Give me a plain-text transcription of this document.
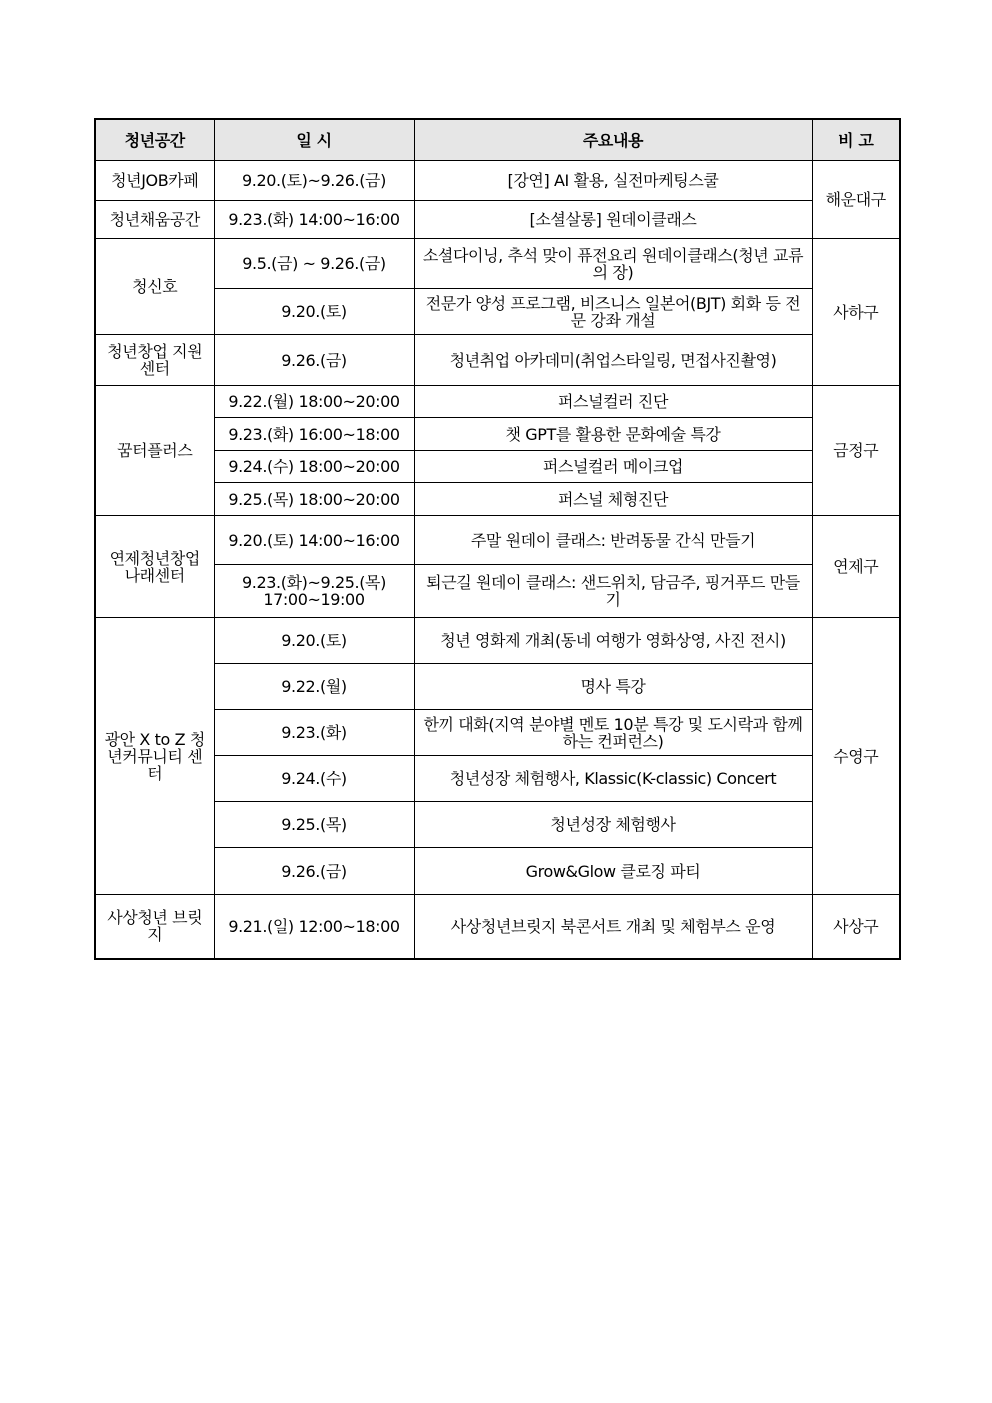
청년공간	일 시	주요내용	비 고
청년JOB카페	9.20.(토)~9.26.(금)	[강연] AI 활용, 실전마케팅스쿨	해운대구
청년채움공간	9.23.(화) 14:00~16:00	[소셜살롱] 원데이클래스	
청신호	9.5.(금) ~ 9.26.(금)	소셜다이닝, 추석 맞이 퓨전요리 원데이클래스(청년 교류의 장)	사하구
	9.20.(토)	전문가 양성 프로그램, 비즈니스 일본어(BJT) 회화 등 전문 강좌 개설	
청년창업 지원센터	9.26.(금)	청년취업 아카데미(취업스타일링, 면접사진촬영)	
꿈터플러스	9.22.(월) 18:00~20:00	퍼스널컬러 진단	금정구
	9.23.(화) 16:00~18:00	챗 GPT를 활용한 문화예술 특강	
	9.24.(수) 18:00~20:00	퍼스널컬러 메이크업	
	9.25.(목) 18:00~20:00	퍼스널 체형진단	
연제청년창업 나래센터	9.20.(토) 14:00~16:00	주말 원데이 클래스: 반려동물 간식 만들기	연제구
	9.23.(화)~9.25.(목) 17:00~19:00	퇴근길 원데이 클래스: 샌드위치, 담금주, 핑거푸드 만들기	
광안 X to Z 청년커뮤니티 센터	9.20.(토)	청년 영화제 개최(동네 여행가 영화상영, 사진 전시)	수영구
	9.22.(월)	명사 특강	
	9.23.(화)	한끼 대화(지역 분야별 멘토 10분 특강 및 도시락과 함께하는 컨퍼런스)	
	9.24.(수)	청년성장 체험행사, Klassic(K-classic) Concert	
	9.25.(목)	청년성장 체험행사	
	9.26.(금)	Grow&Glow 클로징 파티	
사상청년 브릿지	9.21.(일) 12:00~18:00	사상청년브릿지 북콘서트 개최 및 체험부스 운영	사상구
